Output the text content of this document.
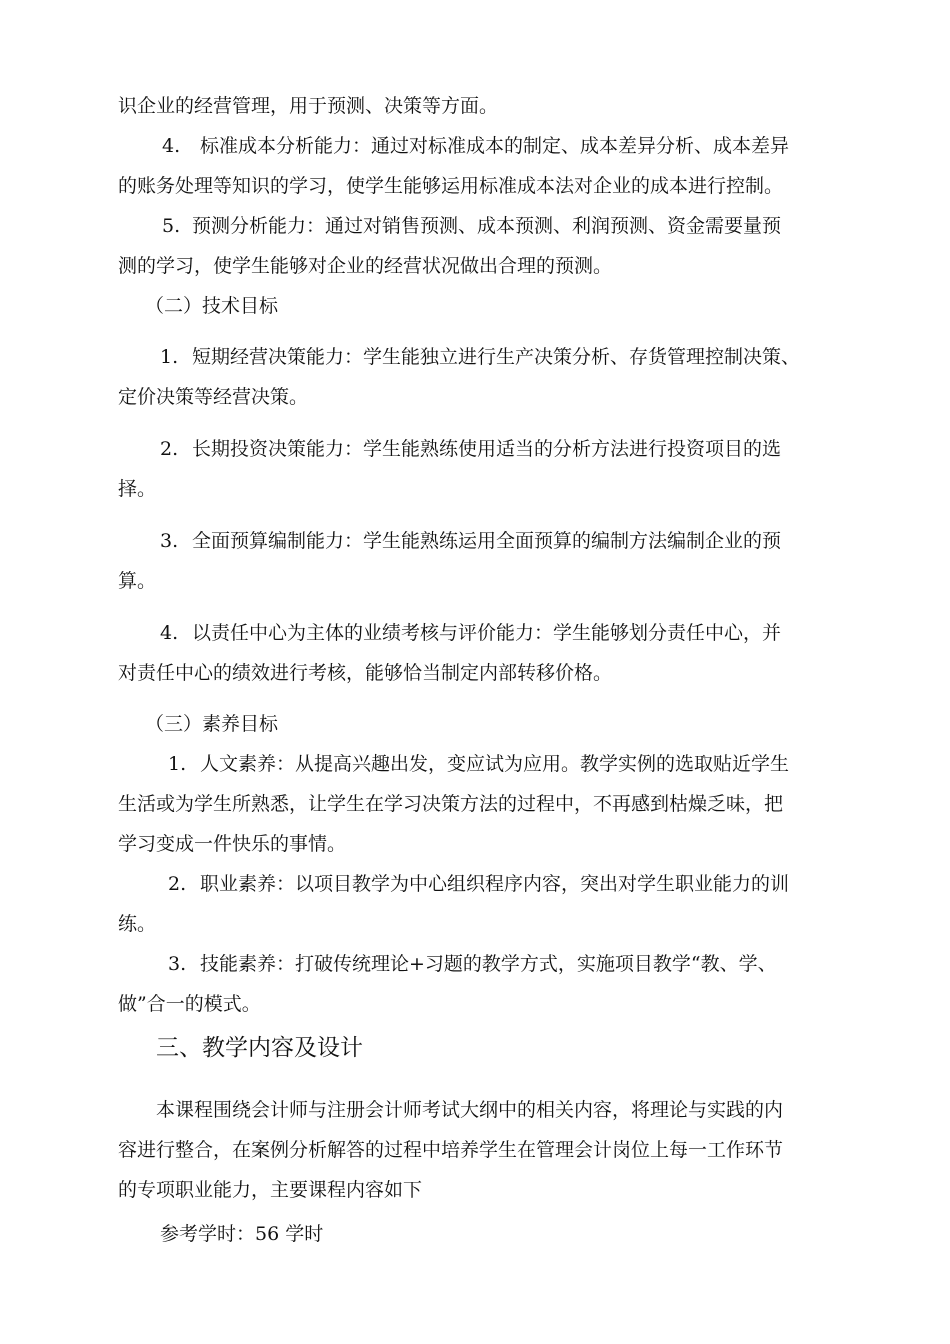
识企业的经营管理，用于预测、决策等方面。
4. 标准成本分析能力：通过对标准成本的制定、成本差异分析、成本差异
的账务处理等知识的学习，使学生能够运用标准成本法对企业的成本进行控制。
5. 预测分析能力：通过对销售预测、成本预测、利润预测、资金需要量预
测的学习，使学生能够对企业的经营状况做出合理的预测。
（二）技术目标
1. 短期经营决策能力：学生能独立进行生产决策分析、存货管理控制决策、
定价决策等经营决策。
2. 长期投资决策能力：学生能熟练使用适当的分析方法进行投资项目的选
择。
3. 全面预算编制能力：学生能熟练运用全面预算的编制方法编制企业的预
算。
4. 以责任中心为主体的业绩考核与评价能力：学生能够划分责任中心，并
对责任中心的绩效进行考核，能够恰当制定内部转移价格。
（三）素养目标
1. 人文素养：从提高兴趣出发，变应试为应用。教学实例的选取贴近学生
生活或为学生所熟悉，让学生在学习决策方法的过程中，不再感到枯燥乏味，把
学习变成一件快乐的事情。
2. 职业素养：以项目教学为中心组织程序内容，突出对学生职业能力的训
练。
3. 技能素养：打破传统理论+习题的教学方式，实施项目教学“教、学、
做”合一的模式。
三、教学内容及设计
本课程围绕会计师与注册会计师考试大纲中的相关内容，将理论与实践的内
容进行整合，在案例分析解答的过程中培养学生在管理会计岗位上每一工作环节
的专项职业能力，主要课程内容如下
参考学时：56 学时
